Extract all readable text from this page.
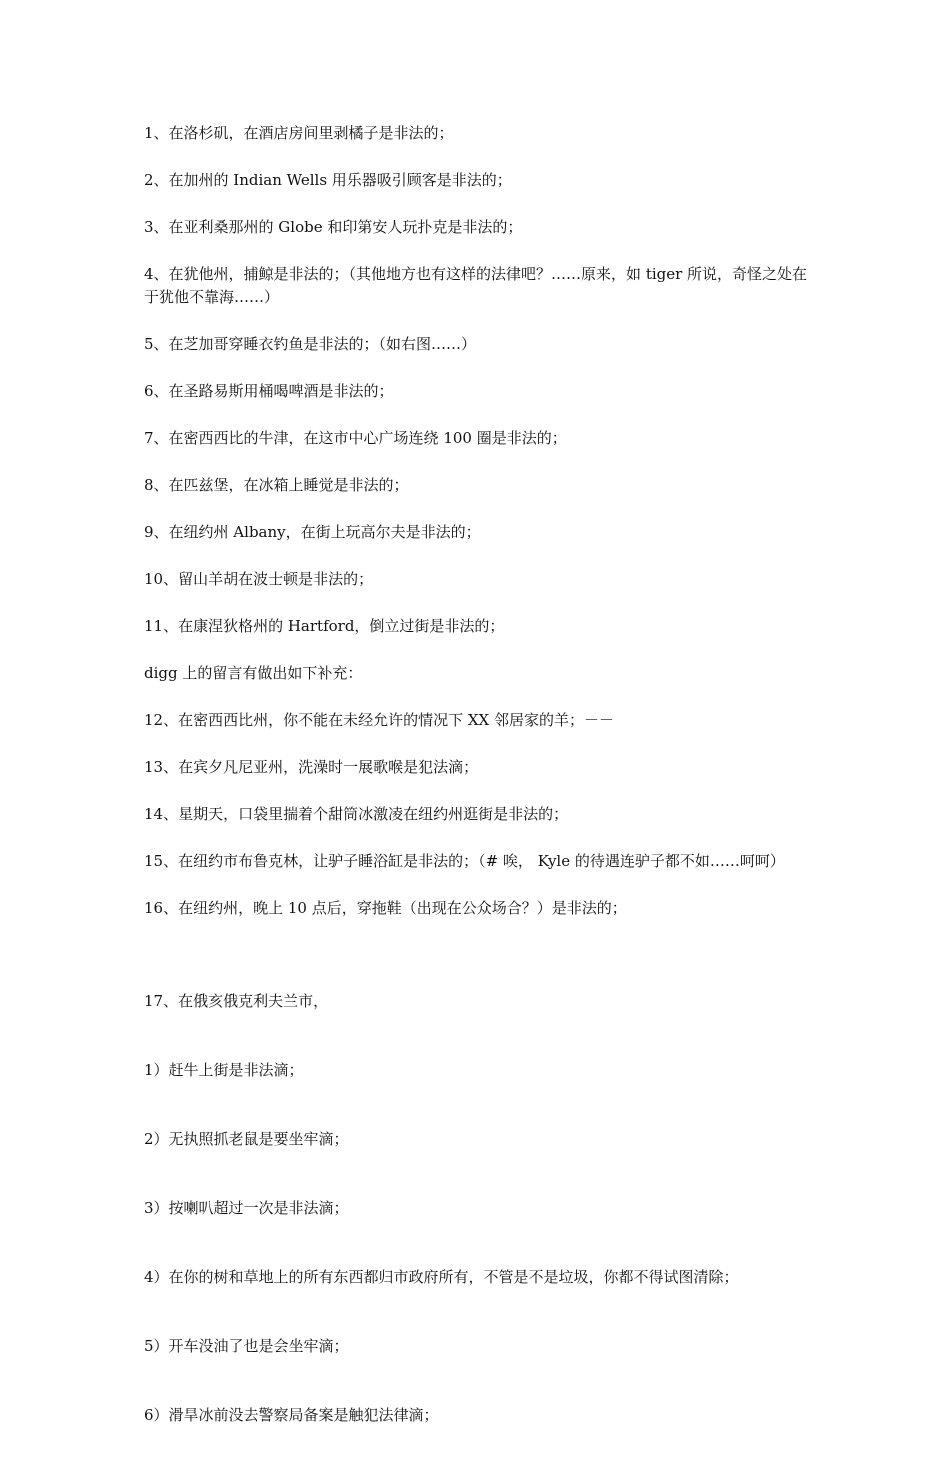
1、在洛杉矶，在酒店房间里剥橘子是非法的；

2、在加州的 Indian Wells 用乐器吸引顾客是非法的；

3、在亚利桑那州的 Globe 和印第安人玩扑克是非法的；

4、在犹他州，捕鲸是非法的；（其他地方也有这样的法律吧？……原来，如 tiger 所说，奇怪之处在于犹他不靠海……）

5、在芝加哥穿睡衣钓鱼是非法的；（如右图……）

6、在圣路易斯用桶喝啤酒是非法的；

7、在密西西比的牛津，在这市中心广场连绕 100 圈是非法的；

8、在匹兹堡，在冰箱上睡觉是非法的；

9、在纽约州 Albany，在街上玩高尔夫是非法的；

10、留山羊胡在波士顿是非法的；

11、在康涅狄格州的 Hartford，倒立过街是非法的；

digg 上的留言有做出如下补充：

12、在密西西比州，你不能在未经允许的情况下 XX 邻居家的羊；－－

13、在宾夕凡尼亚州，洗澡时一展歌喉是犯法滴；

14、星期天，口袋里揣着个甜筒冰激凌在纽约州逛街是非法的；

15、在纽约市布鲁克林，让驴子睡浴缸是非法的；（# 唉， Kyle 的待遇连驴子都不如……呵呵）

16、在纽约州，晚上 10 点后，穿拖鞋（出现在公众场合？）是非法的；

17、在俄亥俄克利夫兰市，

1）赶牛上街是非法滴；

2）无执照抓老鼠是要坐牢滴；

3）按喇叭超过一次是非法滴；

4）在你的树和草地上的所有东西都归市政府所有，不管是不是垃圾，你都不得试图清除；

5）开车没油了也是会坐牢滴；

6）滑旱冰前没去警察局备案是触犯法律滴；
